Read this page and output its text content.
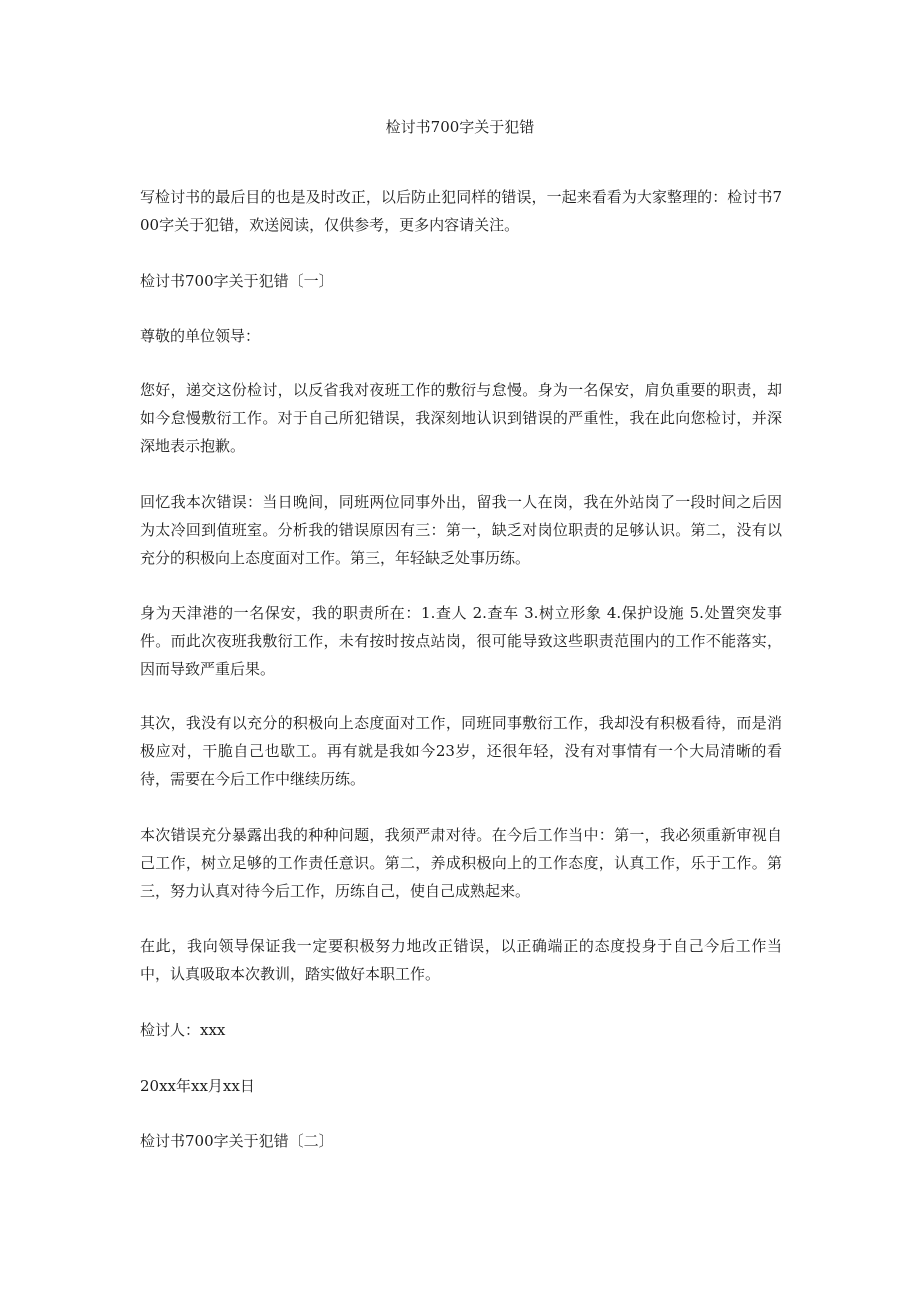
检讨书700字关于犯错

写检讨书的最后目的也是及时改正，以后防止犯同样的错误，一起来看看为大家整理的：检讨书700字关于犯错，欢送阅读，仅供参考，更多内容请关注。

检讨书700字关于犯错〔一〕

尊敬的单位领导：

您好，递交这份检讨，以反省我对夜班工作的敷衍与怠慢。身为一名保安，肩负重要的职责，却如今怠慢敷衍工作。对于自己所犯错误，我深刻地认识到错误的严重性，我在此向您检讨，并深深地表示抱歉。

回忆我本次错误：当日晚间，同班两位同事外出，留我一人在岗，我在外站岗了一段时间之后因为太冷回到值班室。分析我的错误原因有三：第一，缺乏对岗位职责的足够认识。第二，没有以充分的积极向上态度面对工作。第三，年轻缺乏处事历练。

身为天津港的一名保安，我的职责所在：1.查人 2.查车 3.树立形象 4.保护设施 5.处置突发事件。而此次夜班我敷衍工作，未有按时按点站岗，很可能导致这些职责范围内的工作不能落实，因而导致严重后果。

其次，我没有以充分的积极向上态度面对工作，同班同事敷衍工作，我却没有积极看待，而是消极应对，干脆自己也歇工。再有就是我如今23岁，还很年轻，没有对事情有一个大局清晰的看待，需要在今后工作中继续历练。

本次错误充分暴露出我的种种问题，我须严肃对待。在今后工作当中：第一，我必须重新审视自己工作，树立足够的工作责任意识。第二，养成积极向上的工作态度，认真工作，乐于工作。第三，努力认真对待今后工作，历练自己，使自己成熟起来。

在此，我向领导保证我一定要积极努力地改正错误，以正确端正的态度投身于自己今后工作当中，认真吸取本次教训，踏实做好本职工作。

检讨人：xxx

20xx年xx月xx日

检讨书700字关于犯错〔二〕
